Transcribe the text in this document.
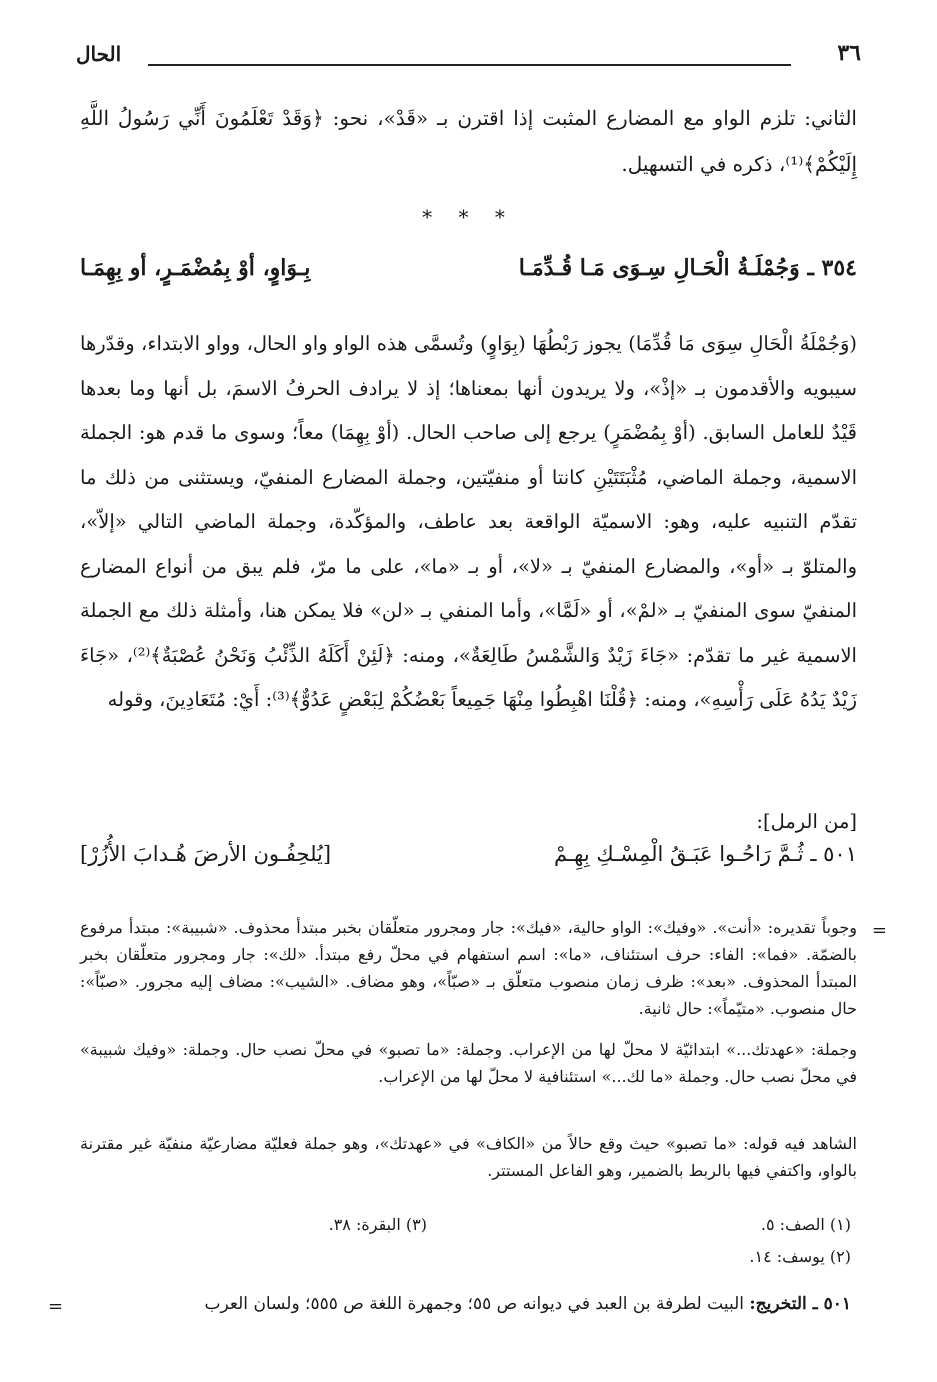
٣٦
الحال
الثاني: تلزم الواو مع المضارع المثبت إذا اقترن بـ «قَدْ»، نحو: ﴿وَقَدْ تَعْلَمُونَ أَنِّي رَسُولُ اللَّهِ إِلَيْكُمْ﴾⁽¹⁾، ذكره في التسهيل.
* * *
٣٥٤ ـ وَجُمْلَـةُ الْحَـالِ سِـوَى مَـا قُـدِّمَـا
بِـوَاوٍ، أوْ بِمُضْمَـرٍ، أو بِهِمَـا
(وَجُمْلَةُ الْحَالِ سِوَى مَا قُدِّمَا) يجوز رَبْطُهَا (بِوَاوٍ) وتُسمَّى هذه الواو واو الحال، وواو الابتداء، وقدّرها سيبويه والأقدمون بـ «إذْ»، ولا يريدون أنها بمعناها؛ إذ لا يرادف الحرفُ الاسمَ، بل أنها وما بعدها قَيْدٌ للعامل السابق. (أوْ بِمُضْمَرٍ) يرجع إلى صاحب الحال. (أوْ بِهِمَا) معاً؛ وسوى ما قدم هو: الجملة الاسمية، وجملة الماضي، مُثْبَتَتَيْنِ كانتا أو منفيّتين، وجملة المضارع المنفيّ، ويستثنى من ذلك ما تقدّم التنبيه عليه، وهو: الاسميّة الواقعة بعد عاطف، والمؤكّدة، وجملة الماضي التالي «إلاّ»، والمتلوّ بـ «أو»، والمضارع المنفيّ بـ «لا»، أو بـ «ما»، على ما مرّ، فلم يبق من أنواع المضارع المنفيّ سوى المنفيّ بـ «لمْ»، أو «لَمَّا»، وأما المنفي بـ «لن» فلا يمكن هنا، وأمثلة ذلك مع الجملة الاسمية غير ما تقدّم: «جَاءَ زَيْدٌ وَالشَّمْسُ طَالِعَةٌ»، ومنه: ﴿لَئِنْ أَكَلَهُ الذِّئْبُ وَنَحْنُ عُصْبَةٌ﴾⁽²⁾، «جَاءَ زَيْدٌ يَدُهُ عَلَى رَأْسِهِ»، ومنه: ﴿قُلْنَا اهْبِطُوا مِنْهَا جَمِيعاً بَعْضُكُمْ لِبَعْضٍ عَدُوٌّ﴾⁽³⁾: أَيْ: مُتَعَادِينَ، وقوله
[من الرمل]:
٥٠١ ـ ثُـمَّ رَاحُـوا عَبَـقُ الْمِسْـكِ بِهِـمْ
[يُلحِفُـون الأرضَ هُـدابَ الأُزُرْ]
=
وجوباً تقديره: «أنت». «وفيك»: الواو حالية، «فيك»: جار ومجرور متعلّقان بخبر مبتدأ محذوف. «شبيبة»: مبتدأ مرفوع بالضمّة. «فما»: الفاء: حرف استئناف، «ما»: اسم استفهام في محلّ رفع مبتدأ. «لك»: جار ومجرور متعلّقان بخبر المبتدأ المحذوف. «بعد»: ظرف زمان منصوب متعلّق بـ «صبّاً»، وهو مضاف. «الشيب»: مضاف إليه مجرور. «صبّاً»: حال منصوب. «متيّماً»: حال ثانية.
وجملة: «عهدتك...» ابتدائيّة لا محلّ لها من الإعراب. وجملة: «ما تصبو» في محلّ نصب حال. وجملة: «وفيك شبيبة» في محلّ نصب حال. وجملة «ما لك...» استئنافية لا محلّ لها من الإعراب.
الشاهد فيه قوله: «ما تصبو» حيث وقع حالاً من «الكاف» في «عهدتك»، وهو جملة فعليّة مضارعيّة منفيّة غير مقترنة بالواو، واكتفي فيها بالربط بالضمير، وهو الفاعل المستتر.
(١) الصف: ٥.
(٣) البقرة: ٣٨.
(٢) يوسف: ١٤.
٥٠١ ـ التخريج: البيت لطرفة بن العبد في ديوانه ص ٥٥؛ وجمهرة اللغة ص ٥٥٥؛ ولسان العرب
=
